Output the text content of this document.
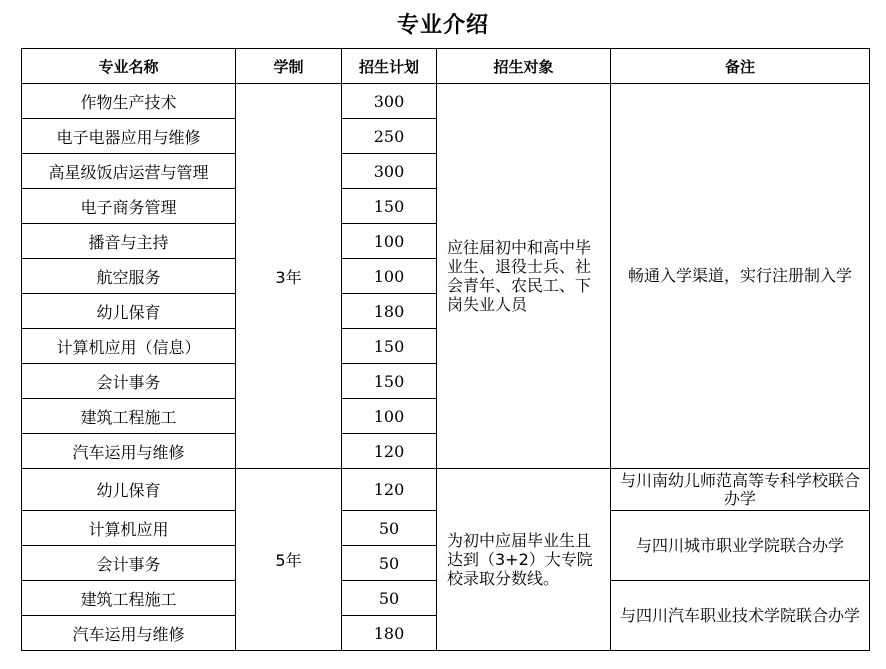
专业介绍
专业名称	学制	招生计划	招生对象	备注
作物生产技术	3年	300	应往届初中和高中毕业生、退役士兵、社会青年、农民工、下岗失业人员	畅通入学渠道，实行注册制入学
电子电器应用与维修		250		
高星级饭店运营与管理		300		
电子商务管理		150		
播音与主持		100		
航空服务		100		
幼儿保育		180		
计算机应用（信息）		150		
会计事务		150		
建筑工程施工		100		
汽车运用与维修		120		
幼儿保育	5年	120	为初中应届毕业生且达到（3+2）大专院校录取分数线。	与川南幼儿师范高等专科学校联合办学
计算机应用		50		与四川城市职业学院联合办学
会计事务		50		
建筑工程施工		50		与四川汽车职业技术学院联合办学
汽车运用与维修		180		
